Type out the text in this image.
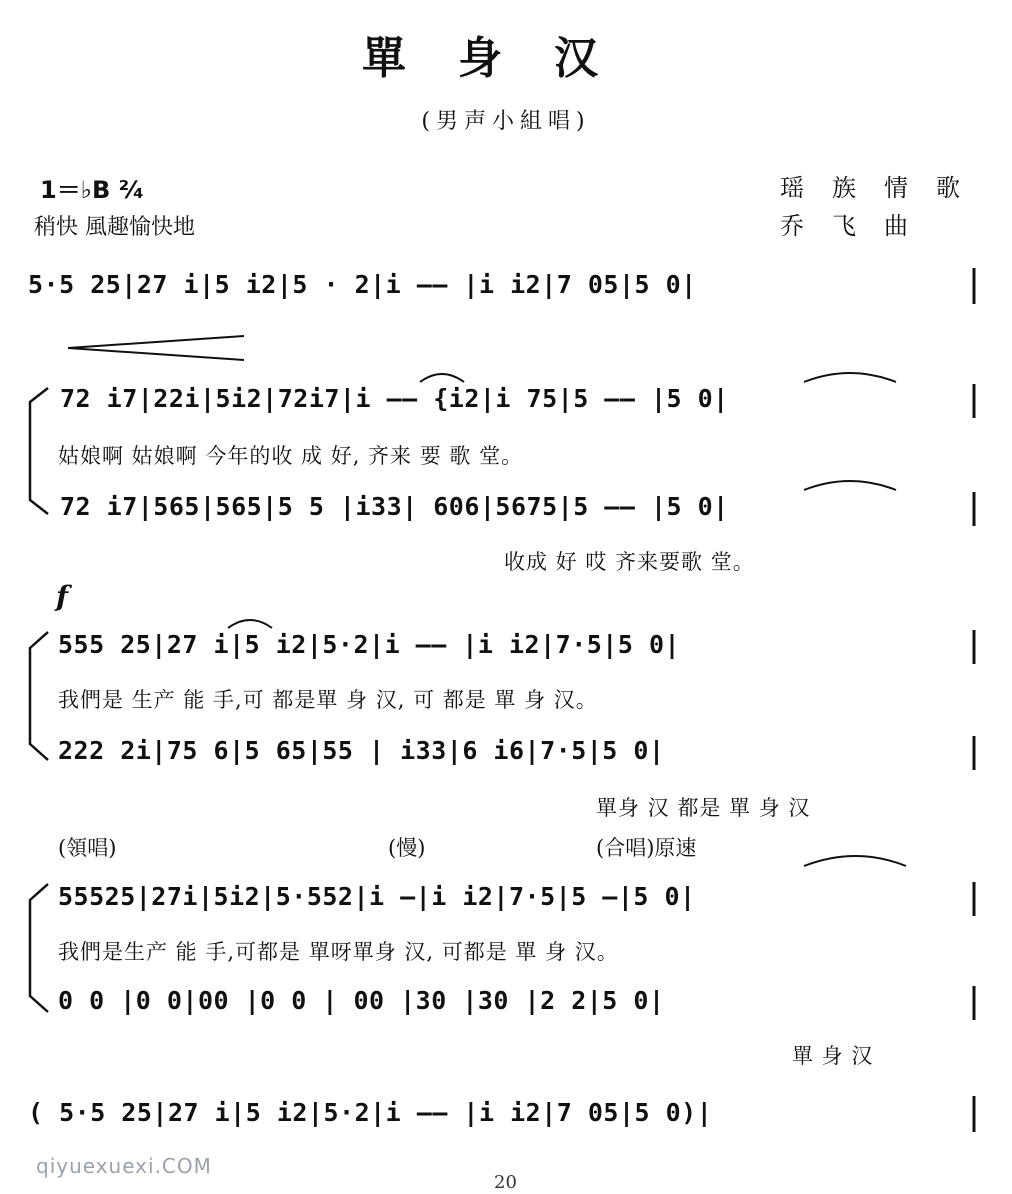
單身汉
(男声小組唱)
1＝♭B ²⁄₄
稍快 風趣愉快地
瑶族情歌
乔飞曲
5·5 25|27 i|5 i2|5 · 2|i —— |i i2|7 05|5 0|
72 i7|22i|5i2|72i7|i —— {i2|i 75|5 —— |5 0|
姑娘啊 姑娘啊 今年的收 成 好, 齐来 要 歌 堂。
72 i7|565|565|5 5 |i33| 606|5675|5 —— |5 0|
收成 好 哎 齐来要歌 堂。
f
555 25|27 i|5 i2|5·2|i —— |i i2|7·5|5 0|
我們是 生产 能 手,可 都是單 身 汉, 可 都是 單 身 汉。
222 2i|75 6|5 65|55 | i33|6 i6|7·5|5 0|
單身 汉 都是 單 身 汉
(領唱)	(慢)	(合唱)原速
55525|27i|5i2|5·552|i —|i i2|7·5|5 —|5 0|
我們是生产 能 手,可都是 單呀單身 汉, 可都是 單 身 汉。
0 0 |0 0|00 |0 0 | 00 |30 |30 |2 2|5 0|
單 身 汉
( 5·5 25|27 i|5 i2|5·2|i —— |i i2|7 05|5 0)|
qiyuexuexi.COM
20
